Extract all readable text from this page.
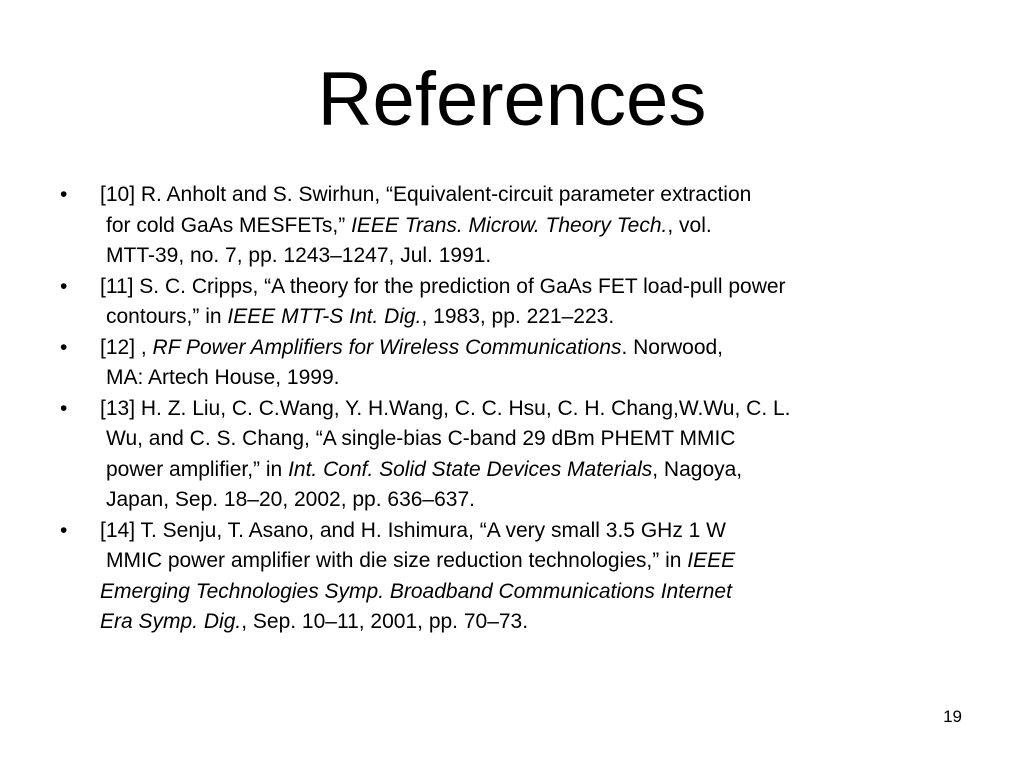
References
• [10] R. Anholt and S. Swirhun, “Equivalent-circuit parameter extraction
for cold GaAs MESFETs,” IEEE Trans. Microw. Theory Tech., vol.
MTT-39, no. 7, pp. 1243–1247, Jul. 1991.
• [11] S. C. Cripps, “A theory for the prediction of GaAs FET load-pull power
contours,” in IEEE MTT-S Int. Dig., 1983, pp. 221–223.
• [12] , RF Power Amplifiers for Wireless Communications. Norwood,
MA: Artech House, 1999.
• [13] H. Z. Liu, C. C.Wang, Y. H.Wang, C. C. Hsu, C. H. Chang,W.Wu, C. L.
Wu, and C. S. Chang, “A single-bias C-band 29 dBm PHEMT MMIC
power amplifier,” in Int. Conf. Solid State Devices Materials, Nagoya,
Japan, Sep. 18–20, 2002, pp. 636–637.
• [14] T. Senju, T. Asano, and H. Ishimura, “A very small 3.5 GHz 1 W
MMIC power amplifier with die size reduction technologies,” in IEEE
Emerging Technologies Symp. Broadband Communications Internet
Era Symp. Dig., Sep. 10–11, 2001, pp. 70–73.
19
